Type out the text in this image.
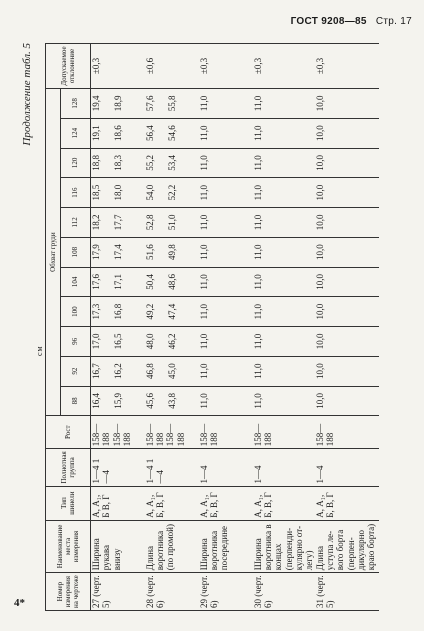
ГОСТ 9208—85 Стр. 17
Продолжение табл. 5
см
Номер измерения на чертеже	Наименование места измерения	Тип шинели	Полнотная группа	Рост	Обхват груди											Допускаемое отклонение
					88	92	96	100	104	108	112	116	120	124	128	
27 (черт. 5)	Ширина рукава внизу	А, А₁, Б В, Г	1—4 1—4	158— 188 158— 188	16,4 15,9	16,7 16,2	17,0 16,5	17,3 16,8	17,6 17,1	17,9 17,4	18,2 17,7	18,5 18,0	18,8 18,3	19,1 18,6	19,4 18,9	±0,3
28 (черт. 6)	Длина воротника (по промой)	А, А₁, Б, В, Г	1—4 1—4	158— 188 158— 188	45,6 43,8	46,8 45,0	48,0 46,2	49,2 47,4	50,4 48,6	51,6 49,8	52,8 51,0	54,0 52,2	55,2 53,4	56,4 54,6	57,6 55,8	±0,6
29 (черт. 6)	Ширина воротника посередине	А, А₁, Б, В, Г	1—4	158— 188	11,0	11,0	11,0	11,0	11,0	11,0	11,0	11,0	11,0	11,0	11,0	±0,3
30 (черт. 6)	Ширина воротника в концах (перпендикулярно отлегу)	А, А₁, Б, В, Г	1—4	158— 188	11,0	11,0	11,0	11,0	11,0	11,0	11,0	11,0	11,0	11,0	11,0	±0,3
31 (черт. 5)	Длина уступа левого борта (перпендикулярно краю борта)	А, А₁, Б, В, Г	1—4	158— 188	10,0	10,0	10,0	10,0	10,0	10,0	10,0	10,0	10,0	10,0	10,0	±0,3
4*
